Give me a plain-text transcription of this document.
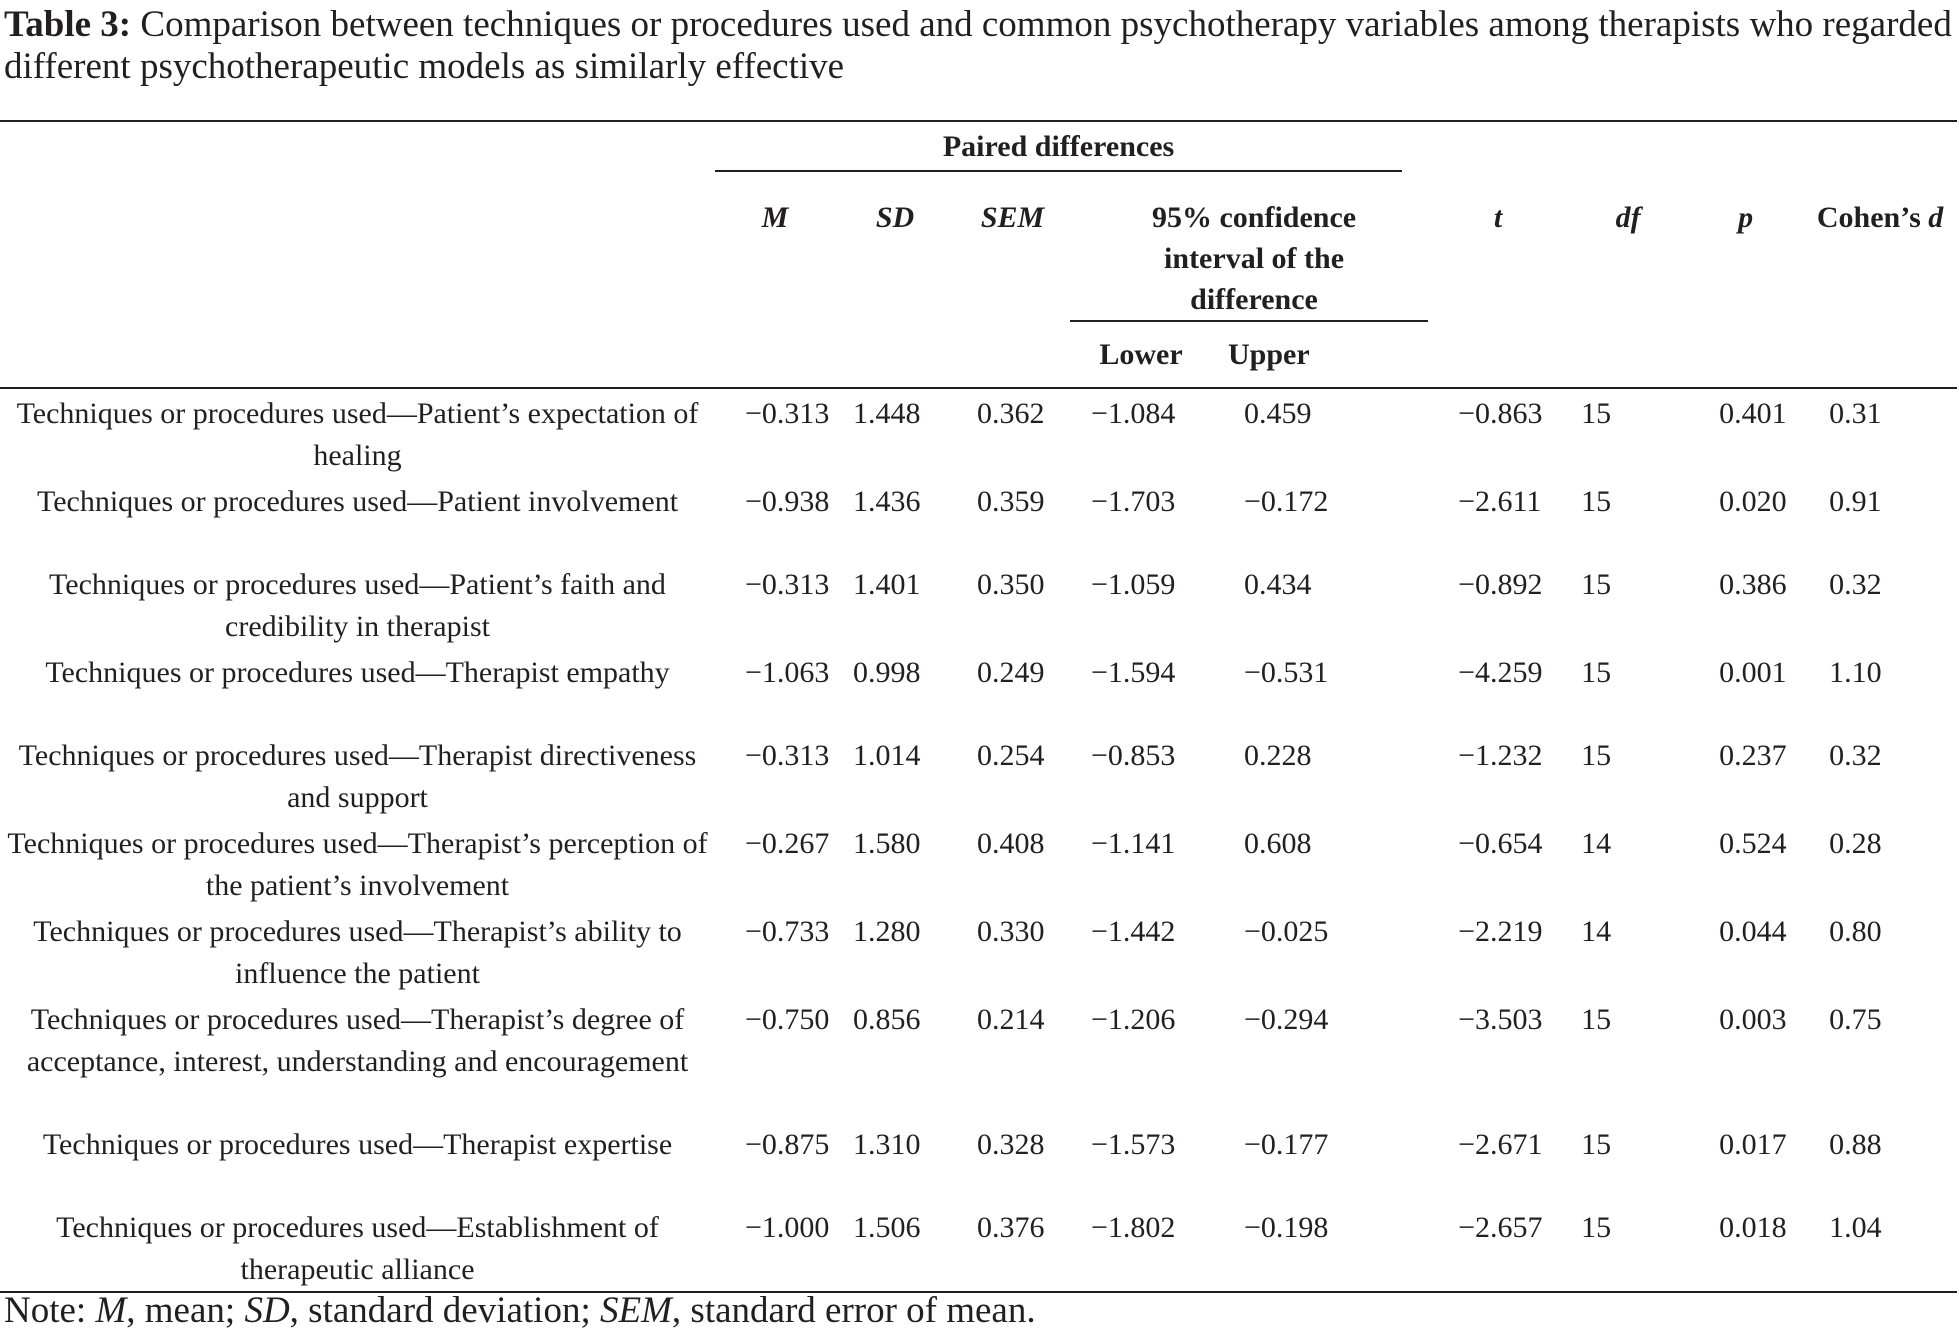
Table 3: Comparison between techniques or procedures used and common psychotherapy variables among therapists who regarded different psychotherapeutic models as similarly effective

	Paired differences								

	M	SD	SEM	95% confidence interval of the difference		t	df	p	Cohen’s d
				Lower	Upper				
Techniques or procedures used—Patient’s expectation of healing	−0.313	1.448	0.362	−1.084	0.459	−0.863	15	0.401	0.31
Techniques or procedures used—Patient involvement	−0.938	1.436	0.359	−1.703	−0.172	−2.611	15	0.020	0.91
Techniques or procedures used—Patient’s faith and credibility in therapist	−0.313	1.401	0.350	−1.059	0.434	−0.892	15	0.386	0.32
Techniques or procedures used—Therapist empathy	−1.063	0.998	0.249	−1.594	−0.531	−4.259	15	0.001	1.10
Techniques or procedures used—Therapist directiveness and support	−0.313	1.014	0.254	−0.853	0.228	−1.232	15	0.237	0.32
Techniques or procedures used—Therapist’s perception of the patient’s involvement	−0.267	1.580	0.408	−1.141	0.608	−0.654	14	0.524	0.28
Techniques or procedures used—Therapist’s ability to influence the patient	−0.733	1.280	0.330	−1.442	−0.025	−2.219	14	0.044	0.80
Techniques or procedures used—Therapist’s degree of acceptance, interest, understanding and encouragement	−0.750	0.856	0.214	−1.206	−0.294	−3.503	15	0.003	0.75
Techniques or procedures used—Therapist expertise	−0.875	1.310	0.328	−1.573	−0.177	−2.671	15	0.017	0.88
Techniques or procedures used—Establishment of therapeutic alliance	−1.000	1.506	0.376	−1.802	−0.198	−2.657	15	0.018	1.04
Note: M, mean; SD, standard deviation; SEM, standard error of mean.
